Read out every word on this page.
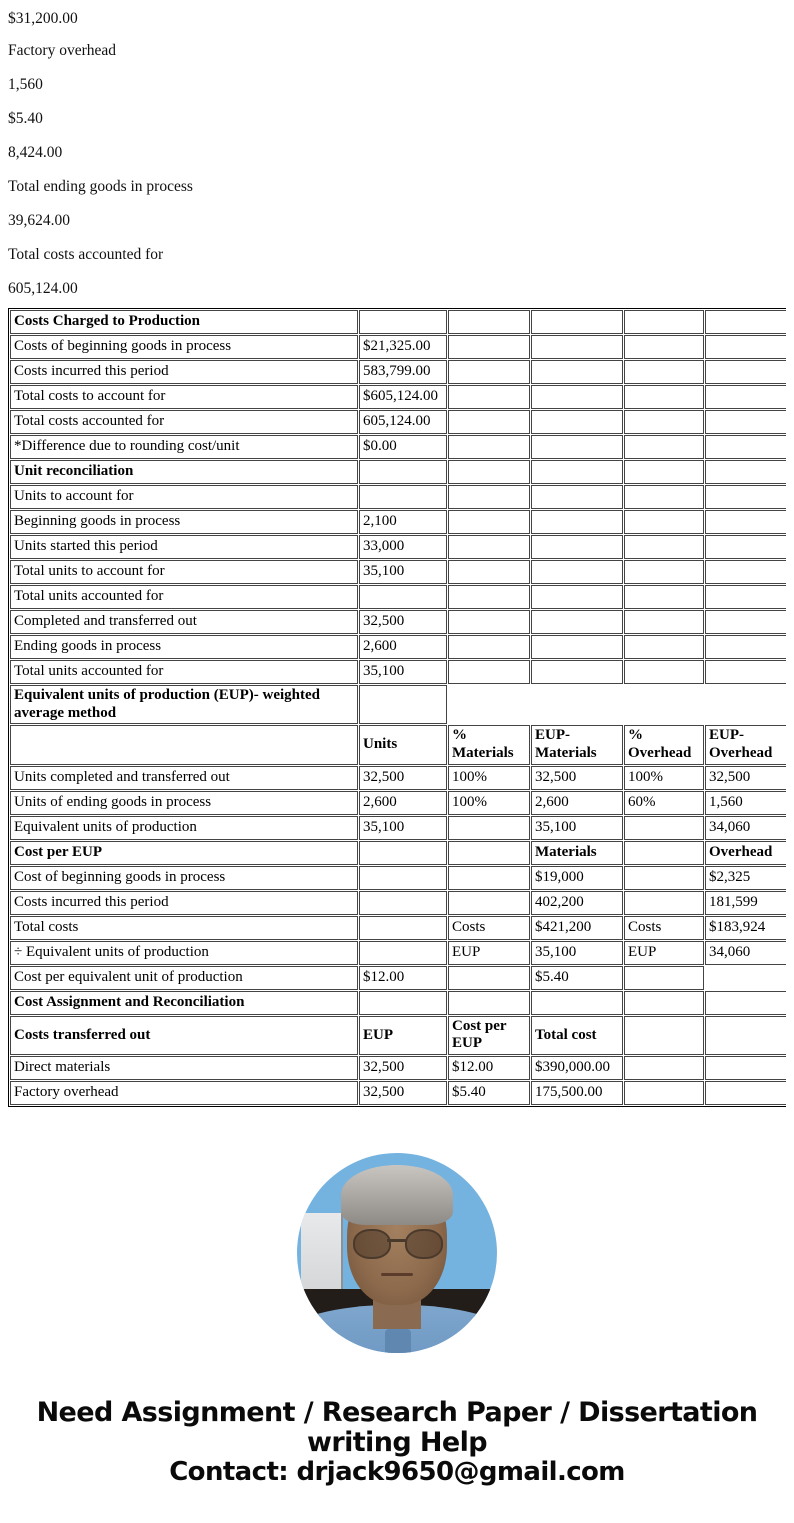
$31,200.00
Factory overhead
1,560
$5.40
8,424.00
Total ending goods in process
39,624.00
Total costs accounted for
605,124.00
Costs Charged to Production					
Costs of beginning goods in process	$21,325.00				
Costs incurred this period	583,799.00				
Total costs to account for	$605,124.00				
Total costs accounted for	605,124.00				
*Difference due to rounding cost/unit	$0.00				
Unit reconciliation					
Units to account for					
Beginning goods in process	2,100				
Units started this period	33,000				
Total units to account for	35,100				
Total units accounted for					
Completed and transferred out	32,500				
Ending goods in process	2,600				
Total units accounted for	35,100				
Equivalent units of production (EUP)- weighted average method					
	Units	% Materials	EUP-Materials	% Overhead	EUP-Overhead
Units completed and transferred out	32,500	100%	32,500	100%	32,500
Units of ending goods in process	2,600	100%	2,600	60%	1,560
Equivalent units of production	35,100		35,100		34,060
Cost per EUP			Materials		Overhead
Cost of beginning goods in process			$19,000		$2,325
Costs incurred this period			402,200		181,599
Total costs		Costs	$421,200	Costs	$183,924
÷ Equivalent units of production		EUP	35,100	EUP	34,060
Cost per equivalent unit of production	$12.00		$5.40		
Cost Assignment and Reconciliation					
Costs transferred out	EUP	Cost per EUP	Total cost		
Direct materials	32,500	$12.00	$390,000.00		
Factory overhead	32,500	$5.40	175,500.00		
Need Assignment / Research Paper / Dissertation
writing Help
Contact: drjack9650@gmail.com
